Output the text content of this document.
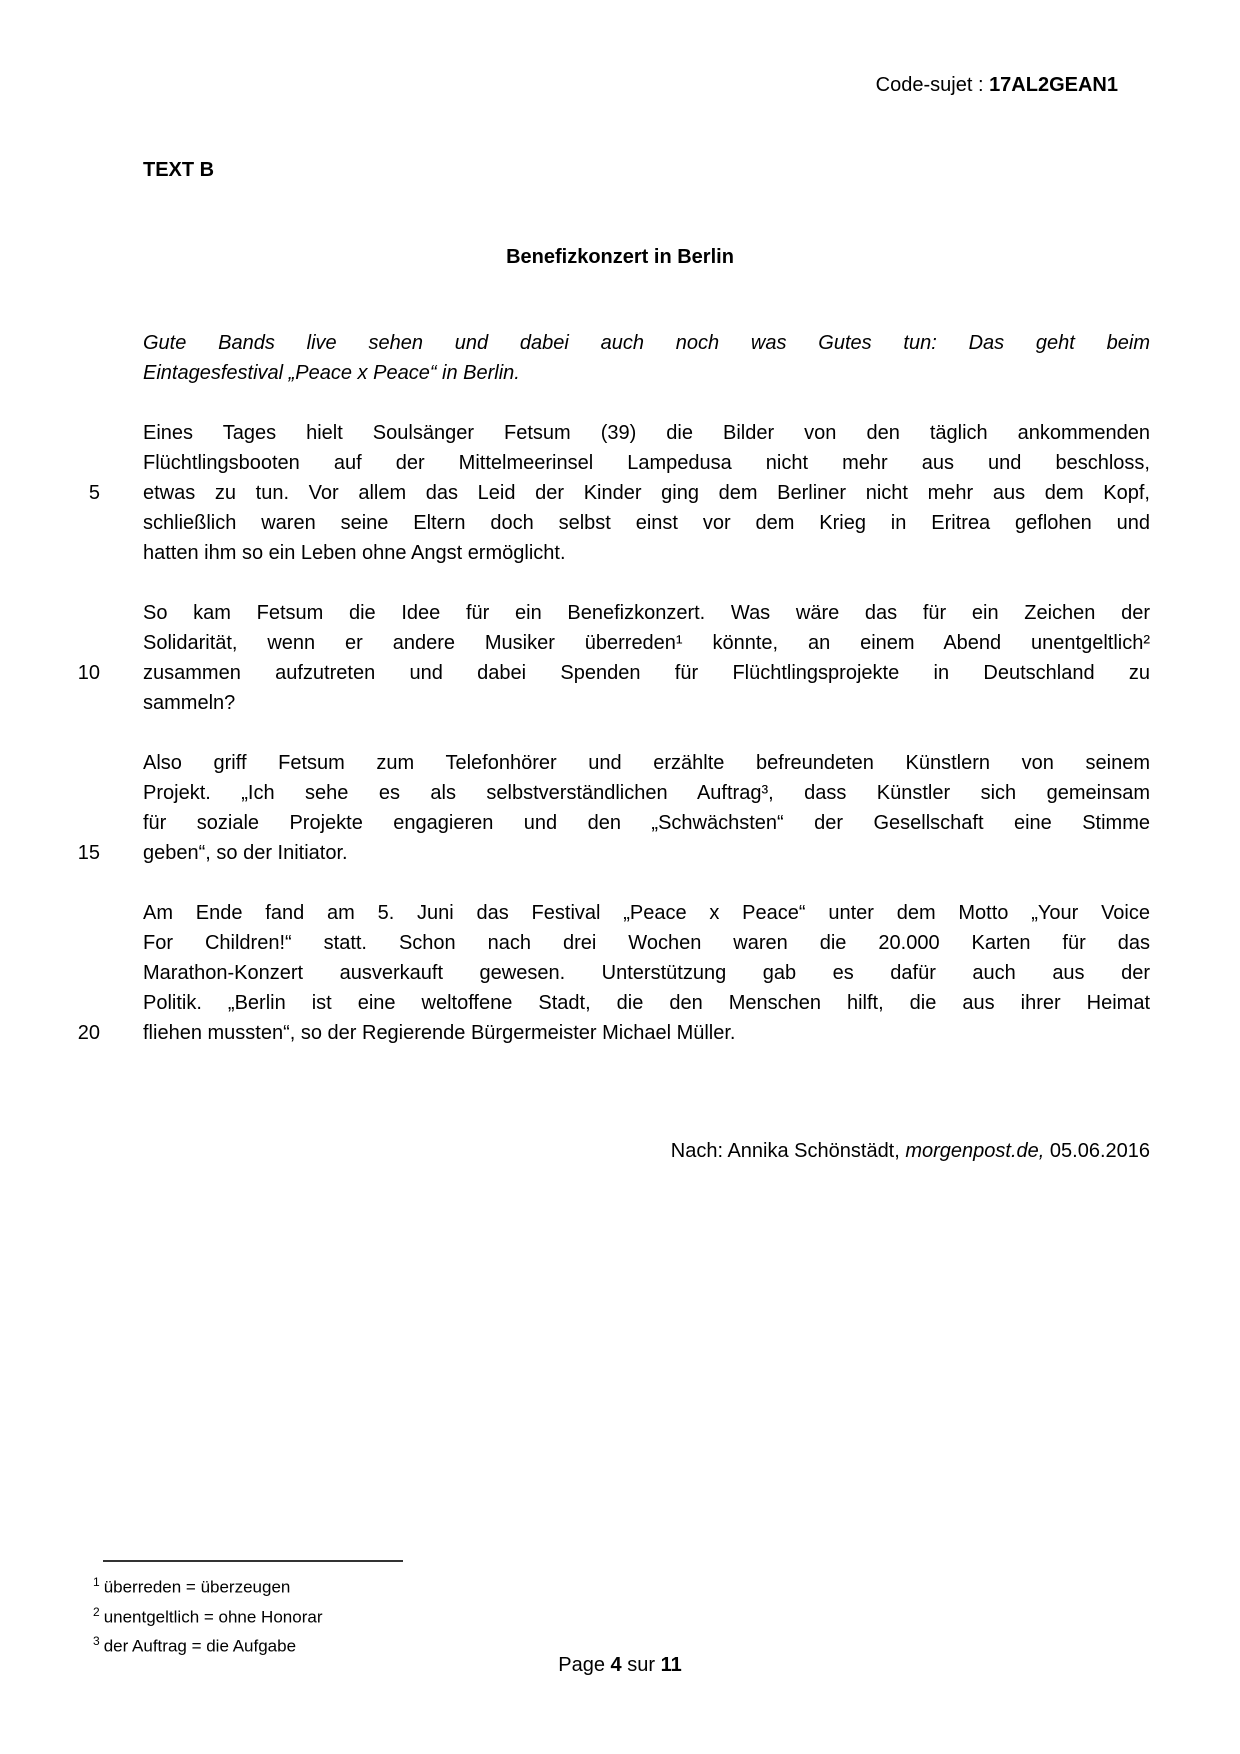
Code-sujet : 17AL2GEAN1
TEXT B
Benefizkonzert in Berlin
Gute Bands live sehen und dabei auch noch was Gutes tun: Das geht beim
Eintagesfestival „Peace x Peace“ in Berlin.
5
10
15
20
Eines Tages hielt Soulsänger Fetsum (39) die Bilder von den täglich ankommenden
Flüchtlingsbooten auf der Mittelmeerinsel Lampedusa nicht mehr aus und beschloss,
etwas zu tun. Vor allem das Leid der Kinder ging dem Berliner nicht mehr aus dem Kopf,
schließlich waren seine Eltern doch selbst einst vor dem Krieg in Eritrea geflohen und
hatten ihm so ein Leben ohne Angst ermöglicht.
So kam Fetsum die Idee für ein Benefizkonzert. Was wäre das für ein Zeichen der
Solidarität, wenn er andere Musiker überreden¹ könnte, an einem Abend unentgeltlich²
zusammen aufzutreten und dabei Spenden für Flüchtlingsprojekte in Deutschland zu
sammeln?
Also griff Fetsum zum Telefonhörer und erzählte befreundeten Künstlern von seinem
Projekt. „Ich sehe es als selbstverständlichen Auftrag³, dass Künstler sich gemeinsam
für soziale Projekte engagieren und den „Schwächsten“ der Gesellschaft eine Stimme
geben“, so der Initiator.
Am Ende fand am 5. Juni das Festival „Peace x Peace“ unter dem Motto „Your Voice
For Children!“ statt. Schon nach drei Wochen waren die 20.000 Karten für das
Marathon-Konzert ausverkauft gewesen. Unterstützung gab es dafür auch aus der
Politik. „Berlin ist eine weltoffene Stadt, die den Menschen hilft, die aus ihrer Heimat
fliehen mussten“, so der Regierende Bürgermeister Michael Müller.
Nach: Annika Schönstädt, morgenpost.de, 05.06.2016
$^1$ überreden = überzeugen
$^2$ unentgeltlich = ohne Honorar
$^3$ der Auftrag = die Aufgabe
Page 4 sur 11
